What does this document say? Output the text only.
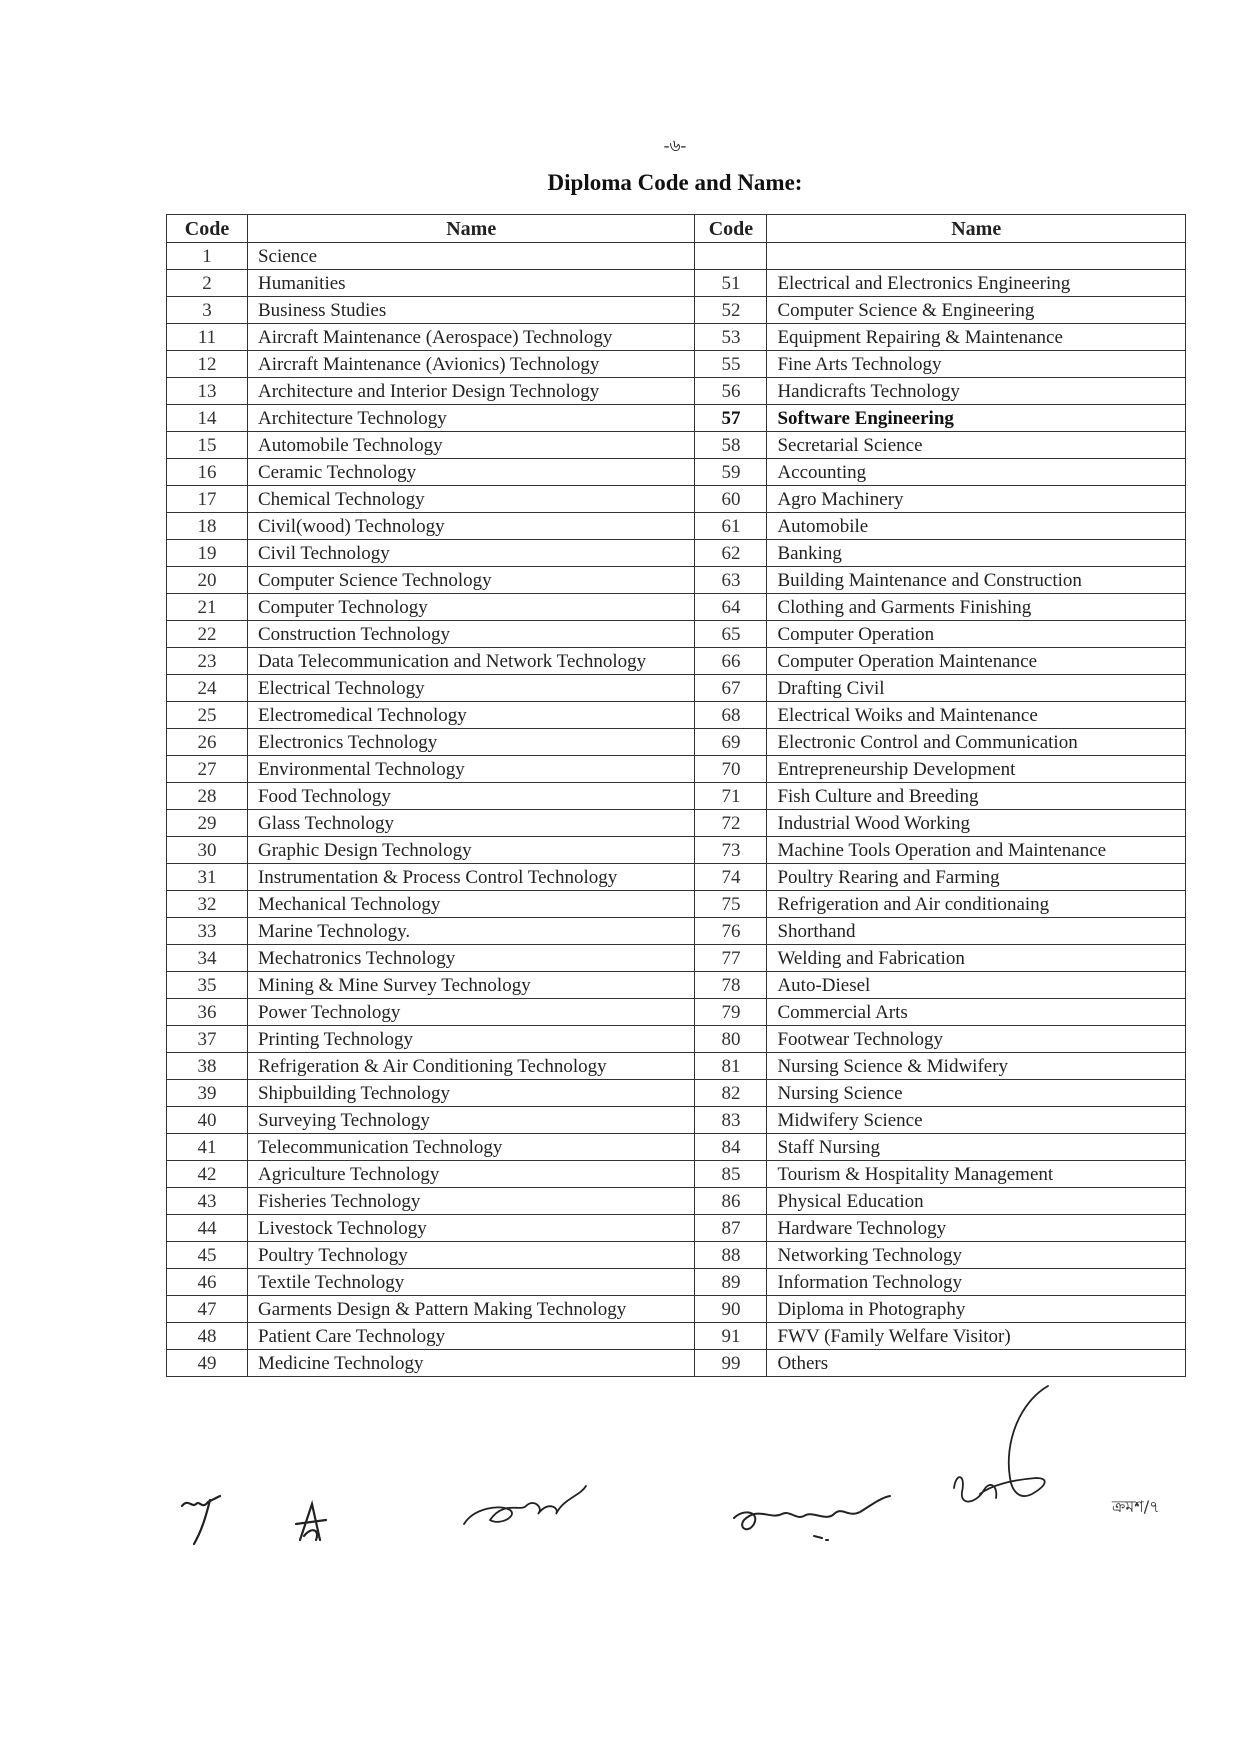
-৬-
Diploma Code and Name:
Code	Name	Code	Name
1	Science		
2	Humanities	51	Electrical and Electronics Engineering
3	Business Studies	52	Computer Science & Engineering
11	Aircraft Maintenance (Aerospace) Technology	53	Equipment Repairing & Maintenance
12	Aircraft Maintenance (Avionics) Technology	55	Fine Arts Technology
13	Architecture and Interior Design Technology	56	Handicrafts Technology
14	Architecture Technology	57	Software Engineering
15	Automobile Technology	58	Secretarial Science
16	Ceramic Technology	59	Accounting
17	Chemical Technology	60	Agro Machinery
18	Civil(wood) Technology	61	Automobile
19	Civil Technology	62	Banking
20	Computer Science Technology	63	Building Maintenance and Construction
21	Computer Technology	64	Clothing and Garments Finishing
22	Construction Technology	65	Computer Operation
23	Data Telecommunication and Network Technology	66	Computer Operation Maintenance
24	Electrical Technology	67	Drafting Civil
25	Electromedical Technology	68	Electrical Woiks and Maintenance
26	Electronics Technology	69	Electronic Control and Communication
27	Environmental Technology	70	Entrepreneurship Development
28	Food Technology	71	Fish Culture and Breeding
29	Glass Technology	72	Industrial Wood Working
30	Graphic Design Technology	73	Machine Tools Operation and Maintenance
31	Instrumentation & Process Control Technology	74	Poultry Rearing and Farming
32	Mechanical Technology	75	Refrigeration and Air conditionaing
33	Marine Technology.	76	Shorthand
34	Mechatronics Technology	77	Welding and Fabrication
35	Mining & Mine Survey Technology	78	Auto-Diesel
36	Power Technology	79	Commercial Arts
37	Printing Technology	80	Footwear Technology
38	Refrigeration & Air Conditioning Technology	81	Nursing Science & Midwifery
39	Shipbuilding Technology	82	Nursing Science
40	Surveying Technology	83	Midwifery Science
41	Telecommunication Technology	84	Staff Nursing
42	Agriculture Technology	85	Tourism & Hospitality Management
43	Fisheries Technology	86	Physical Education
44	Livestock Technology	87	Hardware Technology
45	Poultry Technology	88	Networking Technology
46	Textile Technology	89	Information Technology
47	Garments Design & Pattern Making Technology	90	Diploma in Photography
48	Patient Care Technology	91	FWV (Family Welfare Visitor)
49	Medicine Technology	99	Others
ক্রমশ/৭
